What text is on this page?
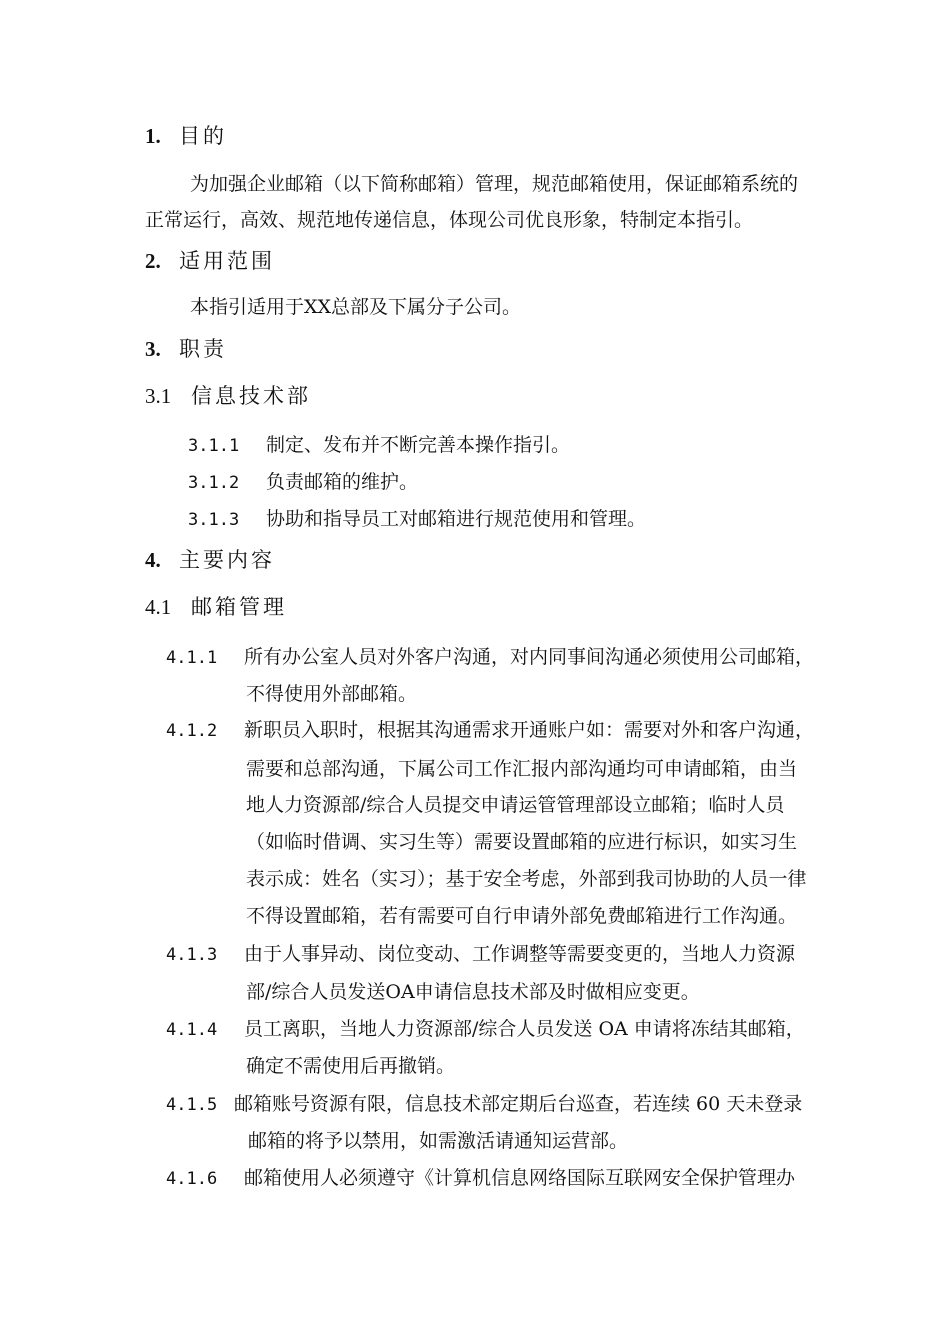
1. 目的
为加强企业邮箱（以下简称邮箱）管理，规范邮箱使用，保证邮箱系统的
正常运行，高效、规范地传递信息，体现公司优良形象，特制定本指引。
2. 适用范围
本指引适用于XX总部及下属分子公司。
3. 职责
3.1 信息技术部
3.1.1 制定、发布并不断完善本操作指引。
3.1.2 负责邮箱的维护。
3.1.3 协助和指导员工对邮箱进行规范使用和管理。
4. 主要内容
4.1 邮箱管理
4.1.1 所有办公室人员对外客户沟通，对内同事间沟通必须使用公司邮箱，
不得使用外部邮箱。
4.1.2 新职员入职时，根据其沟通需求开通账户如：需要对外和客户沟通，
需要和总部沟通，下属公司工作汇报内部沟通均可申请邮箱，由当
地人力资源部/综合人员提交申请运管管理部设立邮箱；临时人员
（如临时借调、实习生等）需要设置邮箱的应进行标识，如实习生
表示成：姓名（实习）；基于安全考虑，外部到我司协助的人员一律
不得设置邮箱，若有需要可自行申请外部免费邮箱进行工作沟通。
4.1.3 由于人事异动、岗位变动、工作调整等需要变更的，当地人力资源
部/综合人员发送OA申请信息技术部及时做相应变更。
4.1.4 员工离职，当地人力资源部/综合人员发送 OA 申请将冻结其邮箱，
确定不需使用后再撤销。
4.1.5 邮箱账号资源有限，信息技术部定期后台巡查，若连续 60 天未登录
邮箱的将予以禁用，如需激活请通知运营部。
4.1.6 邮箱使用人必须遵守《计算机信息网络国际互联网安全保护管理办
